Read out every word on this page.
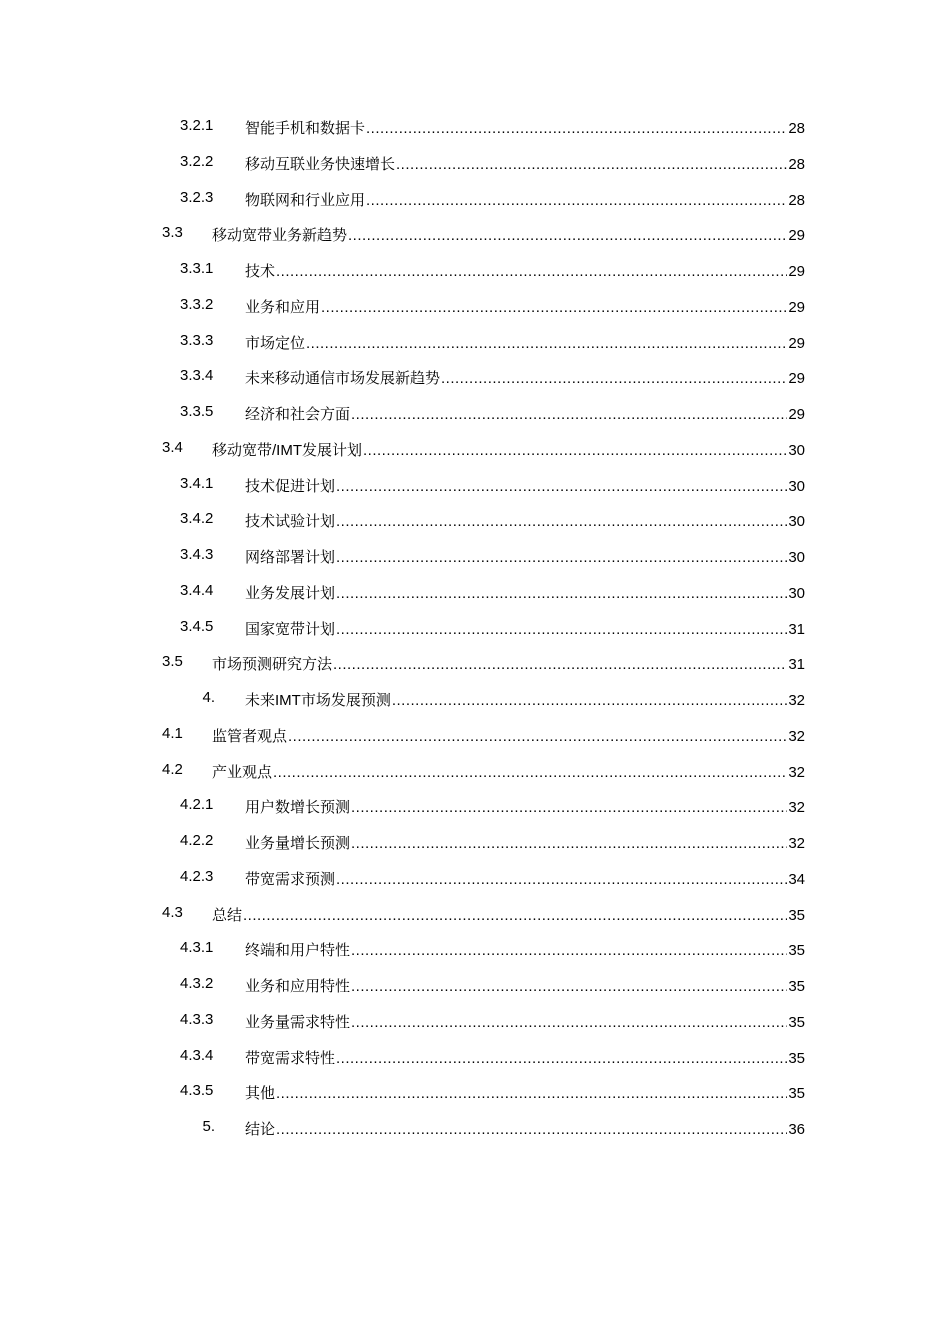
3.2.1 智能手机和数据卡 .....	28
3.2.2 移动互联业务快速增长 .....	28
3.2.3 物联网和行业应用 .....	28
3.3 移动宽带业务新趋势 .....	29
3.3.1 技术 .....	29
3.3.2 业务和应用 .....	29
3.3.3 市场定位 .....	29
3.3.4 未来移动通信市场发展新趋势 .....	29
3.3.5 经济和社会方面 .....	29
3.4 移动宽带/IMT发展计划 .....	30
3.4.1 技术促进计划 .....	30
3.4.2 技术试验计划 .....	30
3.4.3 网络部署计划 .....	30
3.4.4 业务发展计划 .....	30
3.4.5 国家宽带计划 .....	31
3.5 市场预测研究方法 .....	31
4. 未来IMT市场发展预测 .....	32
4.1 监管者观点 .....	32
4.2 产业观点 .....	32
4.2.1 用户数增长预测 .....	32
4.2.2 业务量增长预测 .....	32
4.2.3 带宽需求预测 .....	34
4.3 总结 .....	35
4.3.1 终端和用户特性 .....	35
4.3.2 业务和应用特性 .....	35
4.3.3 业务量需求特性 .....	35
4.3.4 带宽需求特性 .....	35
4.3.5 其他 .....	35
5. 结论 .....	36
